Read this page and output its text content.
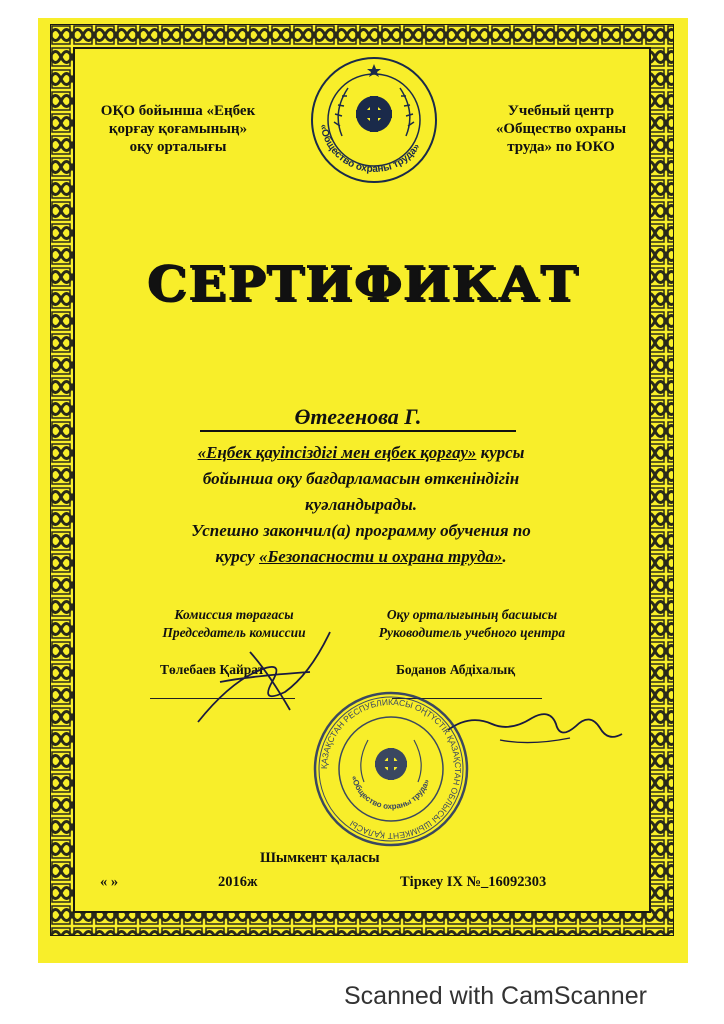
ОҚО бойынша «Еңбек
қорғау қоғамының»
оқу орталығы
«Общество охраны труда»
Учебный центр
«Общество охраны
труда» по ЮКО
СЕРТИФИКАТ
Өтегенова Г.
«Еңбек қауіпсіздігі мен еңбек қорғау» курсы
бойынша оқу бағдарламасын өткеніндігін
куәландырады.
Успешно закончил(а) программу обучения по
курсу «Безопасности и охрана труда».
Комиссия төрағасы
Председатель комиссии
Оқу орталығының басшысы
Руководитель учебного центра
Төлебаев Қайрат	Боданов Абдіхалық
ҚАЗАҚСТАН РЕСПУБЛИКАСЫ ОҢТҮСТІК ҚАЗАҚСТАН ОБЛЫСЫ ШЫМКЕНТ ҚАЛАСЫ
«Общество охраны труда»
« »	2016ж
Шымкент қаласы
Тіркеу IX №_16092303
Scanned with CamScanner
